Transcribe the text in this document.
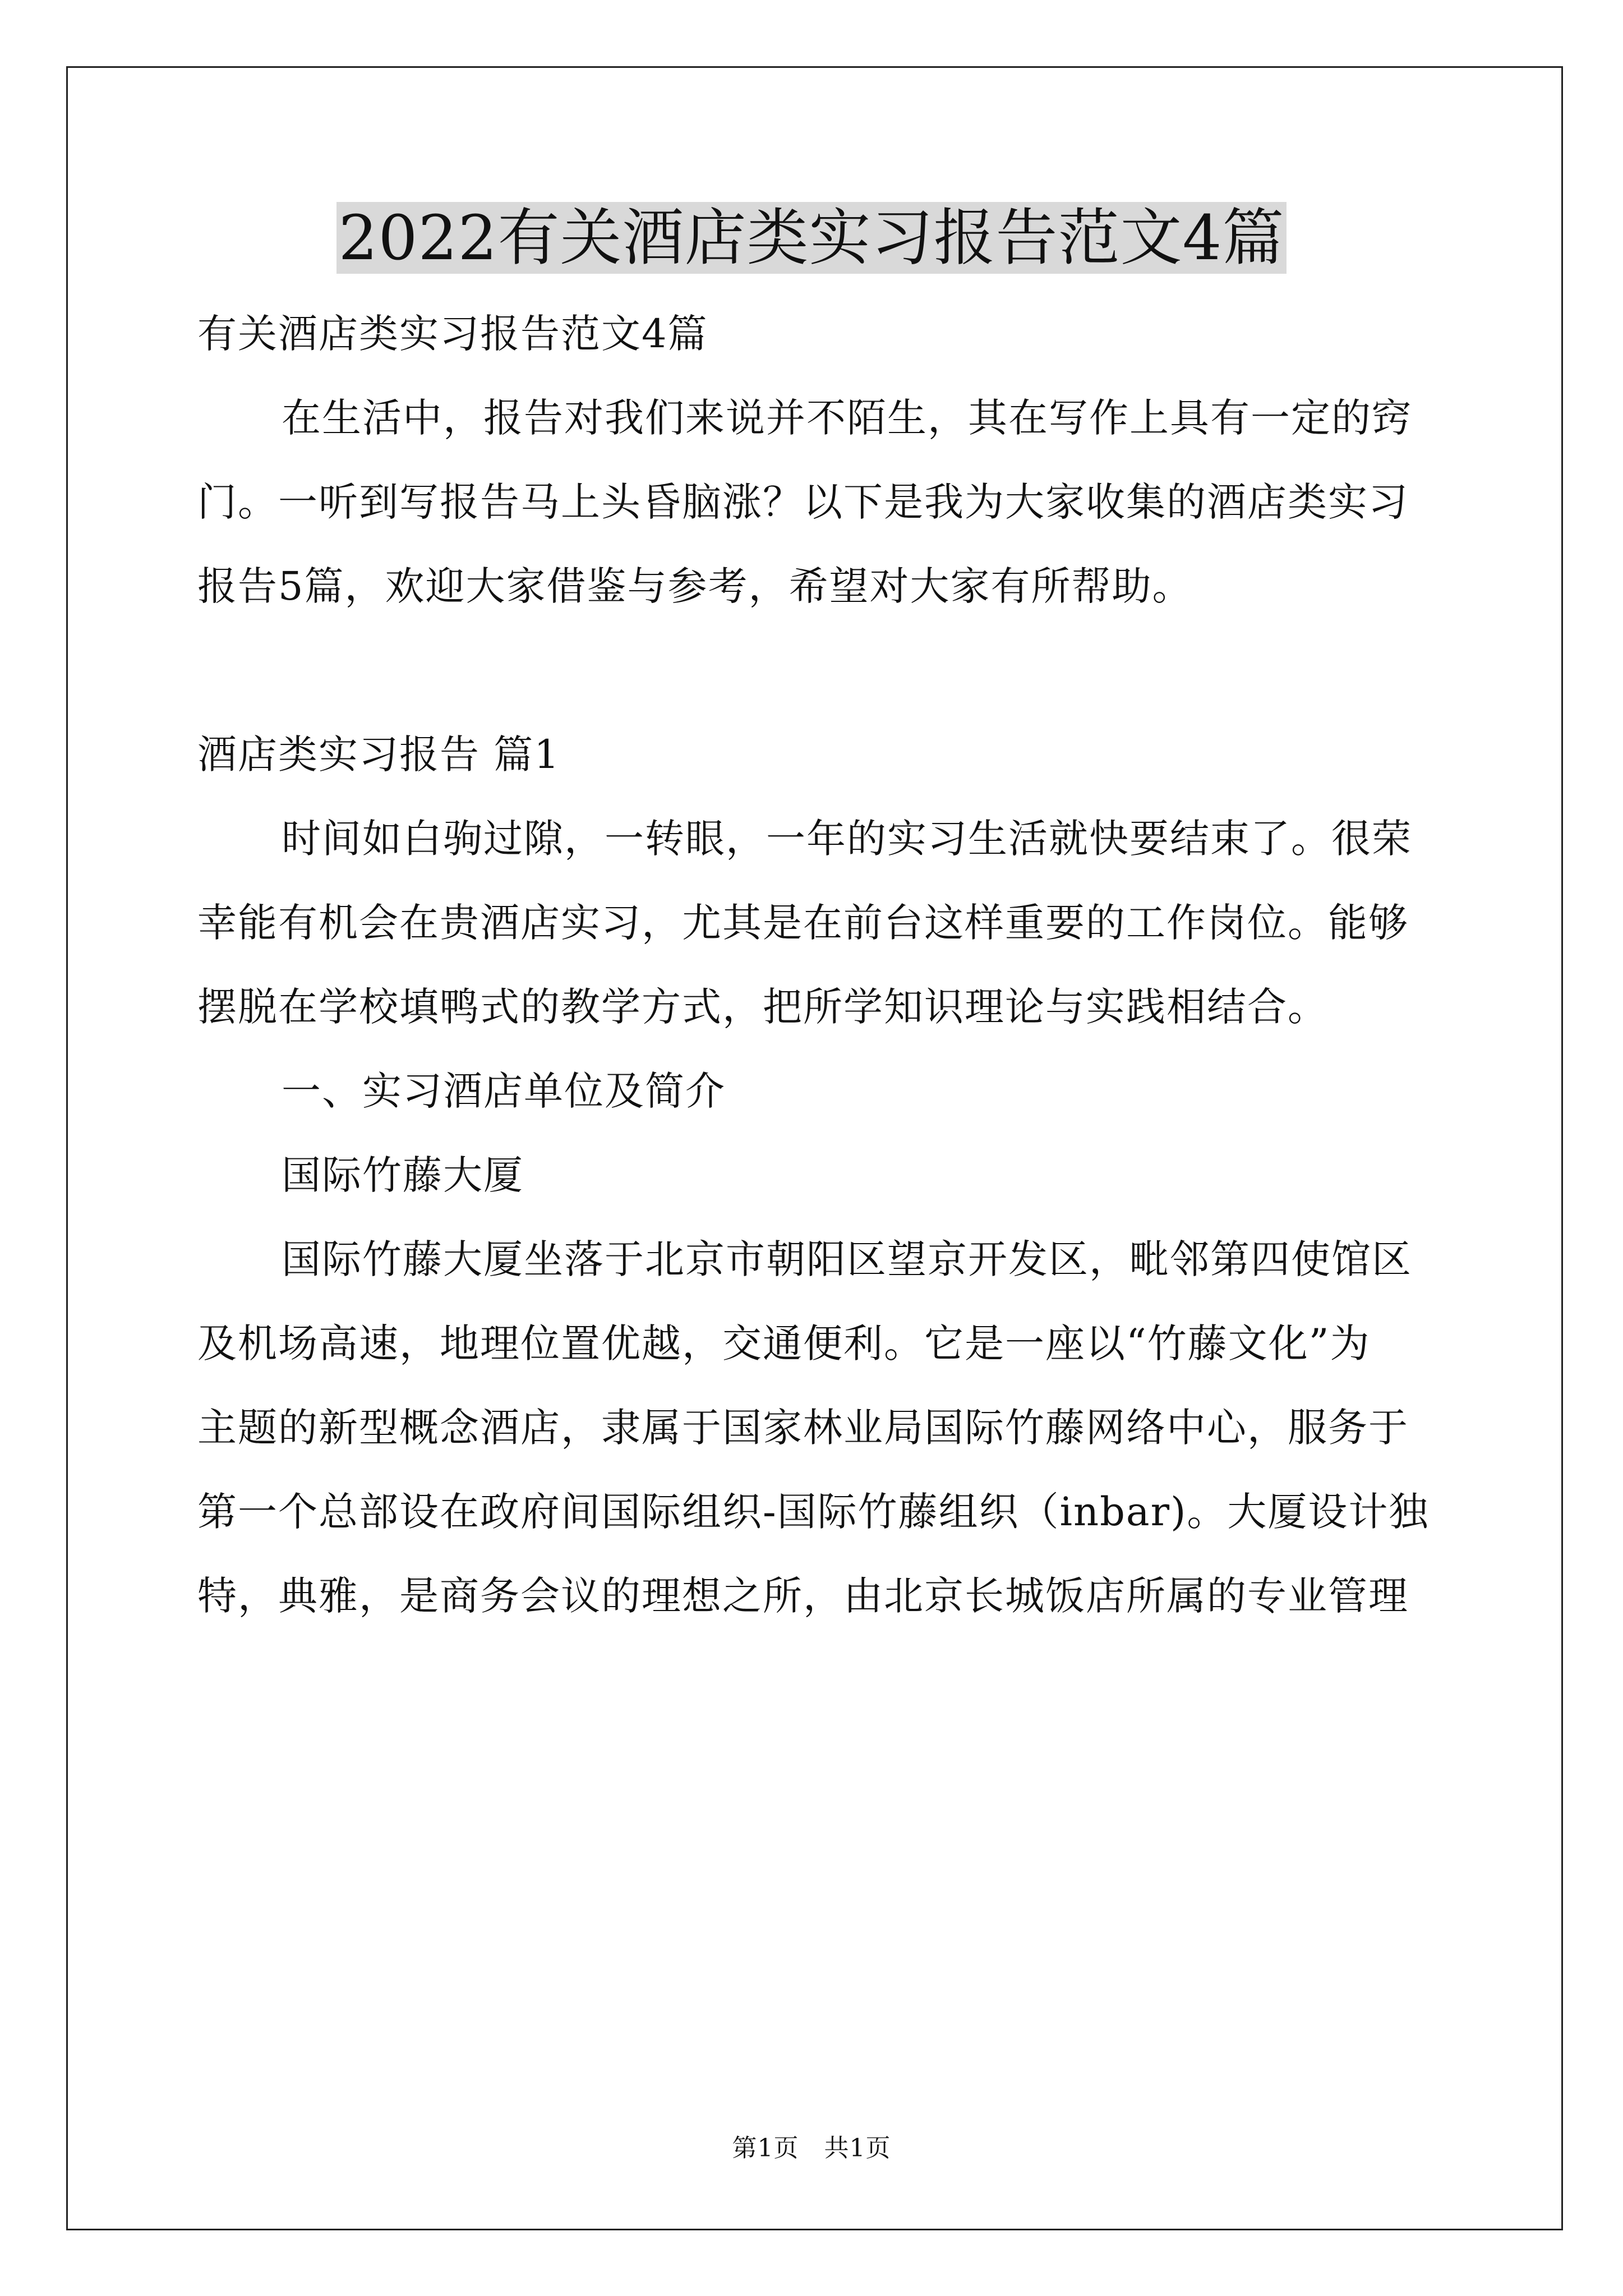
2022有关酒店类实习报告范文4篇
有关酒店类实习报告范文4篇
在生活中，报告对我们来说并不陌生，其在写作上具有一定的窍
门。一听到写报告马上头昏脑涨？以下是我为大家收集的酒店类实习
报告5篇，欢迎大家借鉴与参考，希望对大家有所帮助。
酒店类实习报告 篇1
时间如白驹过隙，一转眼，一年的实习生活就快要结束了。很荣
幸能有机会在贵酒店实习，尤其是在前台这样重要的工作岗位。能够
摆脱在学校填鸭式的教学方式，把所学知识理论与实践相结合。
一、实习酒店单位及简介
国际竹藤大厦
国际竹藤大厦坐落于北京市朝阳区望京开发区，毗邻第四使馆区
及机场高速，地理位置优越，交通便利。它是一座以“竹藤文化”为
主题的新型概念酒店，隶属于国家林业局国际竹藤网络中心，服务于
第一个总部设在政府间国际组织-国际竹藤组织（inbar)。大厦设计独
特，典雅，是商务会议的理想之所，由北京长城饭店所属的专业管理
第1页　共1页
